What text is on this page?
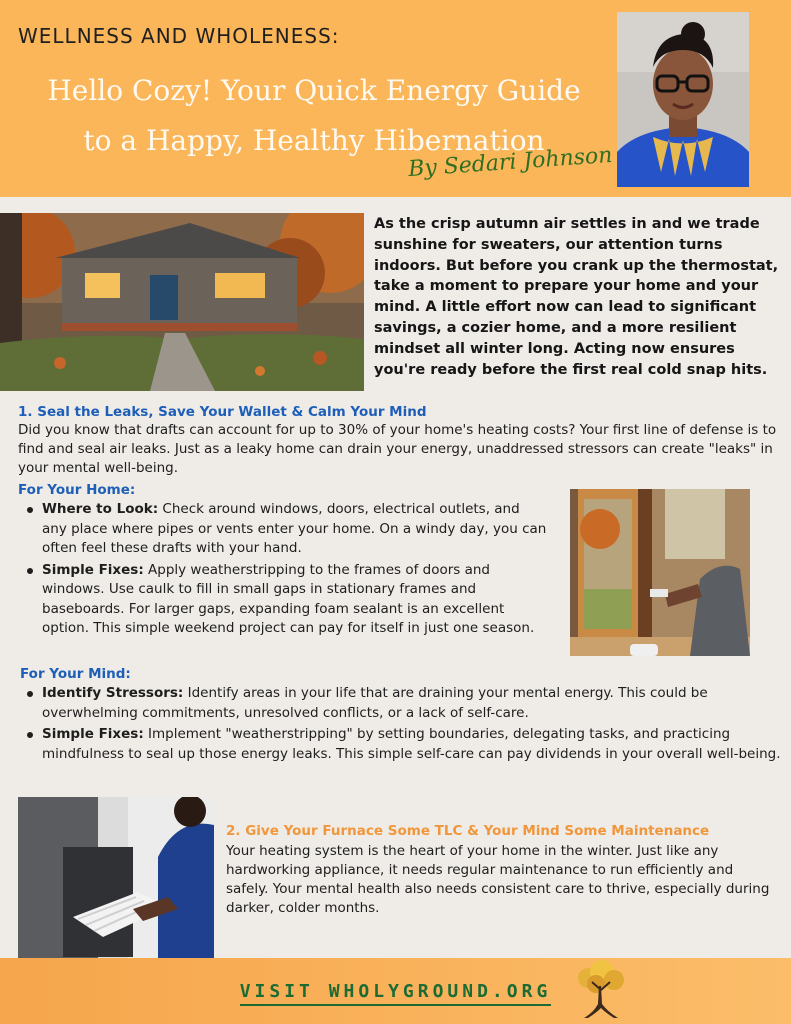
WELLNESS AND WHOLENESS:
Hello Cozy! Your Quick Energy Guide
to a Happy, Healthy Hibernation
By Sedari Johnson
As the crisp autumn air settles in and we trade sunshine for sweaters, our attention turns indoors. But before you crank up the thermostat, take a moment to prepare your home and your mind. A little effort now can lead to significant savings, a cozier home, and a more resilient mindset all winter long. Acting now ensures you're ready before the first real cold snap hits.
1. Seal the Leaks, Save Your Wallet & Calm Your Mind
Did you know that drafts can account for up to 30% of your home's heating costs? Your first line of defense is to find and seal air leaks. Just as a leaky home can drain your energy, unaddressed stressors can create "leaks" in your mental well-being.
For Your Home:
Where to Look: Check around windows, doors, electrical outlets, and any place where pipes or vents enter your home. On a windy day, you can often feel these drafts with your hand.
Simple Fixes: Apply weatherstripping to the frames of doors and windows. Use caulk to fill in small gaps in stationary frames and baseboards. For larger gaps, expanding foam sealant is an excellent option. This simple weekend project can pay for itself in just one season.
For Your Mind:
Identify Stressors: Identify areas in your life that are draining your mental energy. This could be overwhelming commitments, unresolved conflicts, or a lack of self-care.
Simple Fixes: Implement "weatherstripping" by setting boundaries, delegating tasks, and practicing mindfulness to seal up those energy leaks. This simple self-care can pay dividends in your overall well-being.
2. Give Your Furnace Some TLC & Your Mind Some Maintenance
Your heating system is the heart of your home in the winter. Just like any hardworking appliance, it needs regular maintenance to run efficiently and safely. Your mental health also needs consistent care to thrive, especially during darker, colder months.
VISIT WHOLYGROUND.ORG
